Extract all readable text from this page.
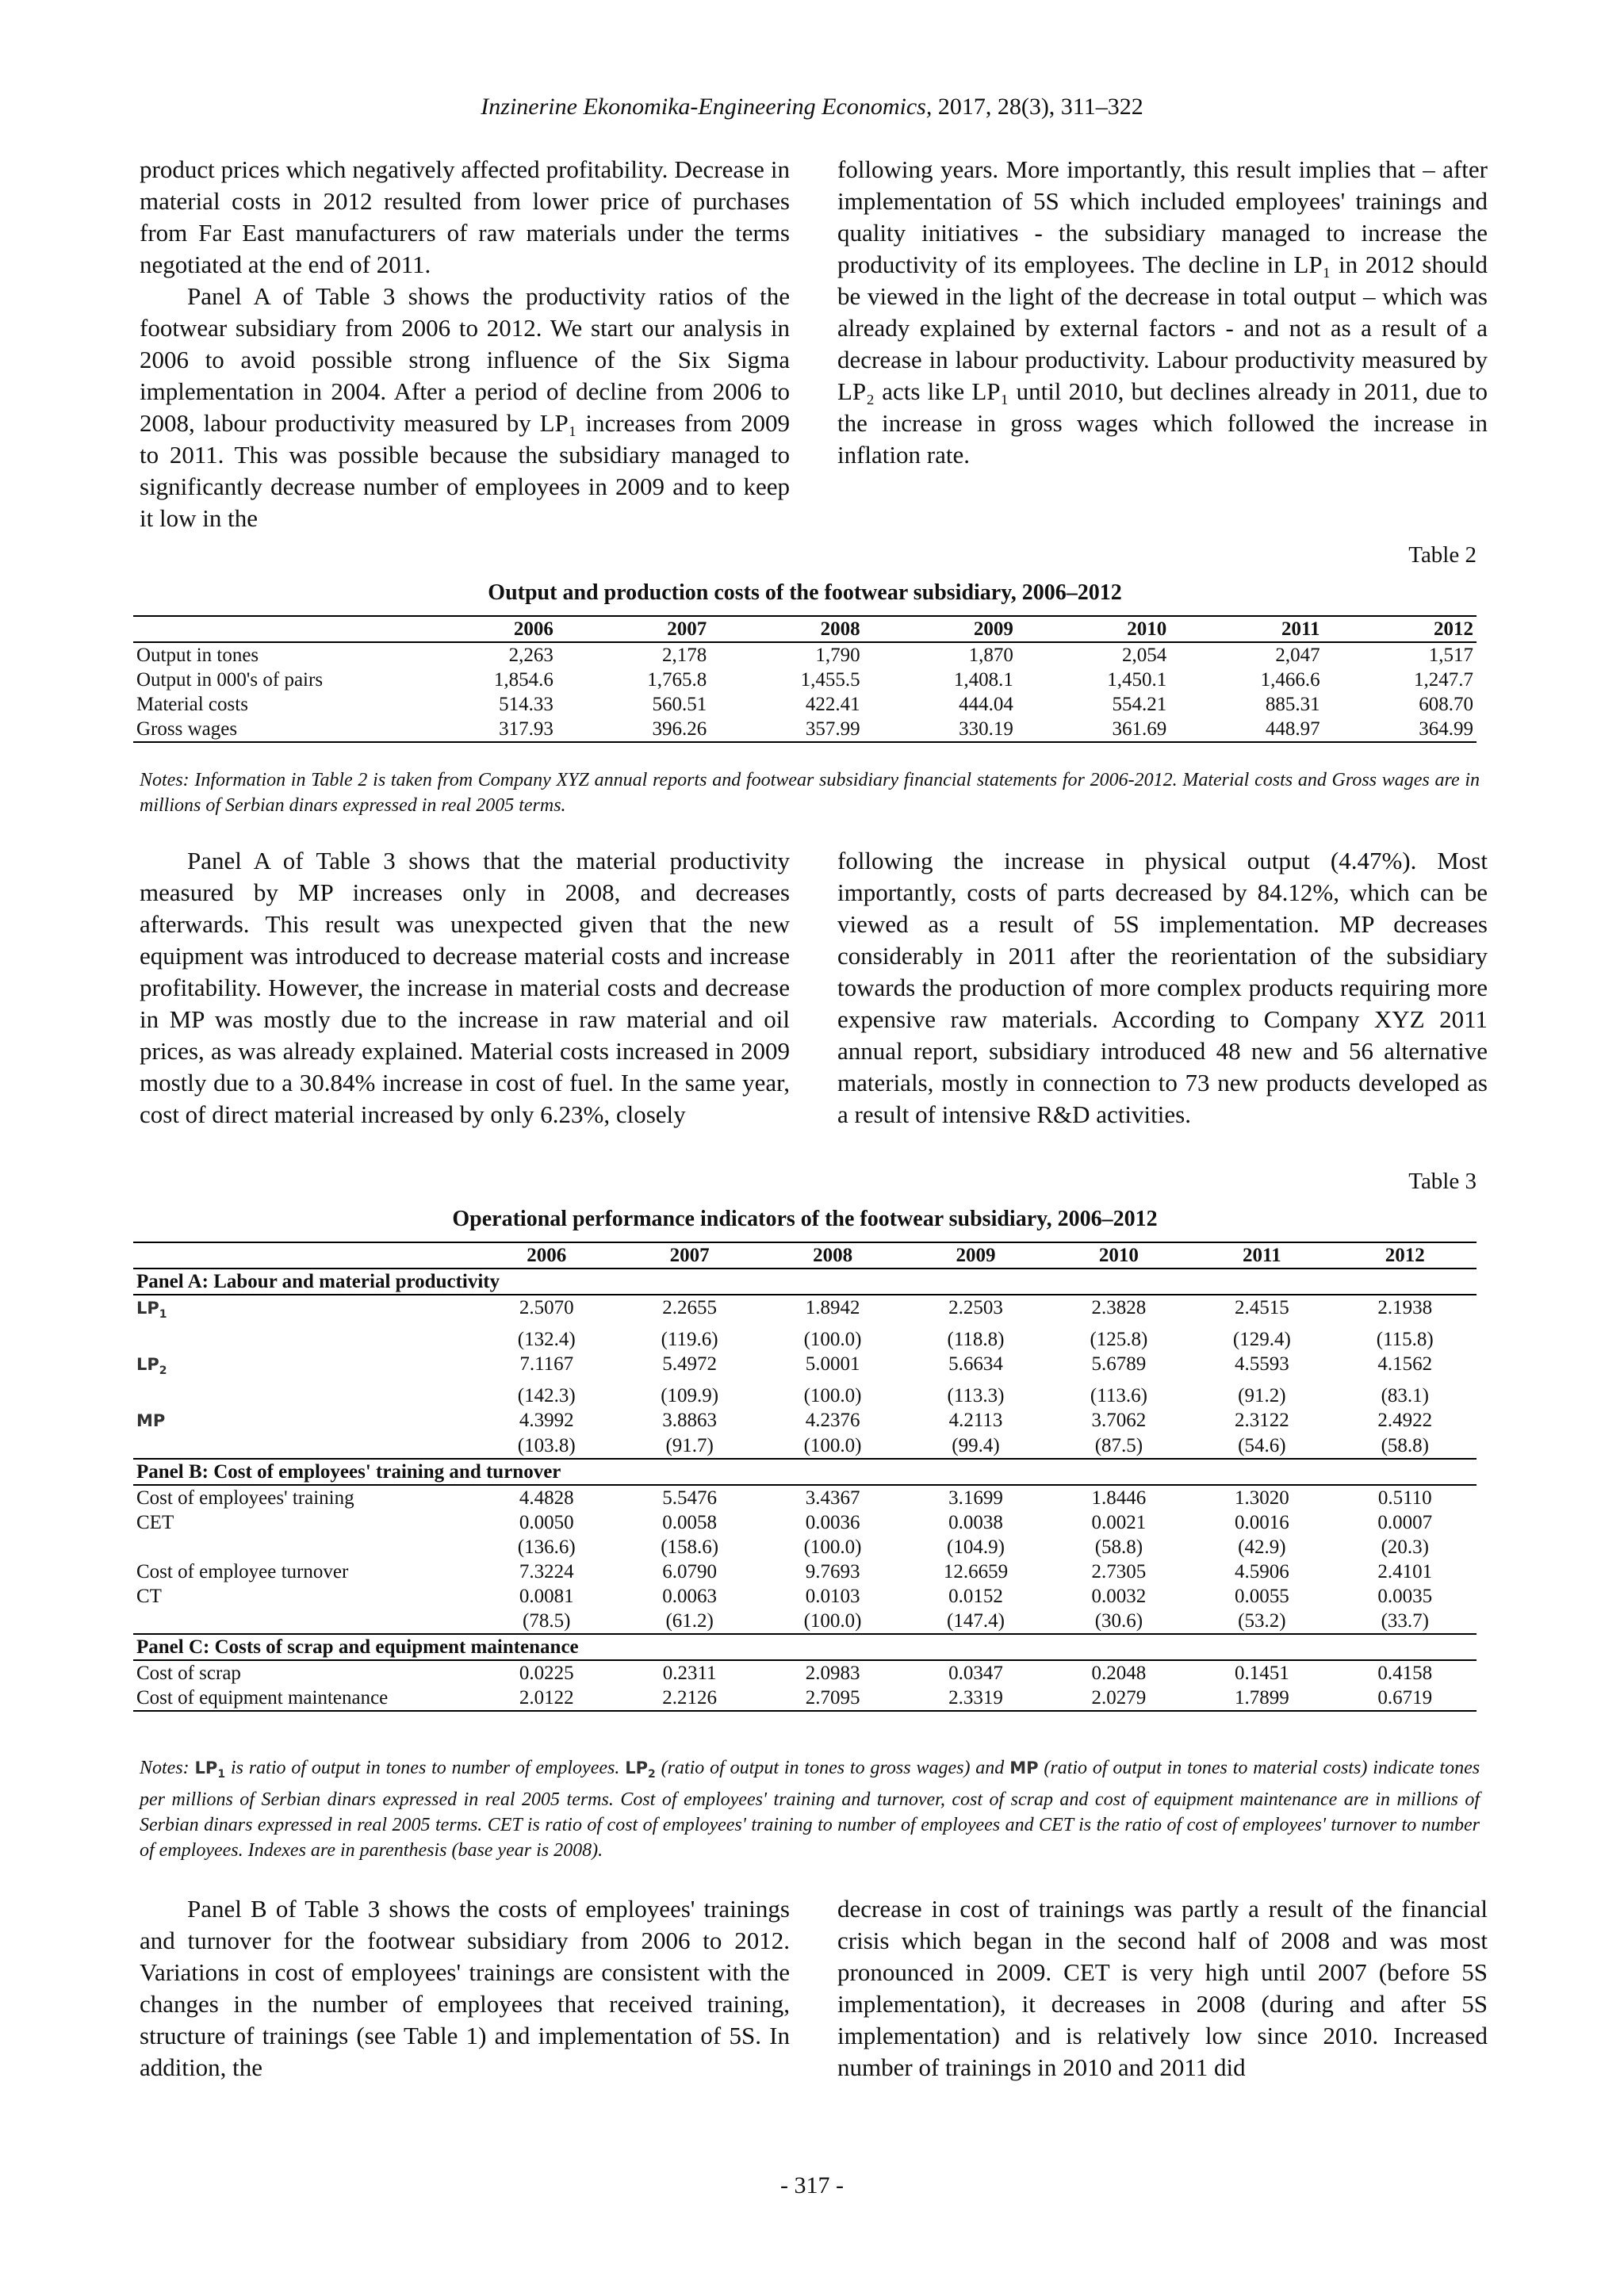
Inzinerine Ekonomika-Engineering Economics, 2017, 28(3), 311–322

product prices which negatively affected profitability. Decrease in material costs in 2012 resulted from lower price of purchases from Far East manufacturers of raw materials under the terms negotiated at the end of 2011.

Panel A of Table 3 shows the productivity ratios of the footwear subsidiary from 2006 to 2012. We start our analysis in 2006 to avoid possible strong influence of the Six Sigma implementation in 2004. After a period of decline from 2006 to 2008, labour productivity measured by LP₁ increases from 2009 to 2011. This was possible because the subsidiary managed to significantly decrease number of employees in 2009 and to keep it low in the

following years. More importantly, this result implies that – after implementation of 5S which included employees' trainings and quality initiatives - the subsidiary managed to increase the productivity of its employees. The decline in LP₁ in 2012 should be viewed in the light of the decrease in total output – which was already explained by external factors - and not as a result of a decrease in labour productivity. Labour productivity measured by LP₂ acts like LP₁ until 2010, but declines already in 2011, due to the increase in gross wages which followed the increase in inflation rate.

Table 2
Output and production costs of the footwear subsidiary, 2006–2012
	2006	2007	2008	2009	2010	2011	2012
Output in tones	2,263	2,178	1,790	1,870	2,054	2,047	1,517
Output in 000's of pairs	1,854.6	1,765.8	1,455.5	1,408.1	1,450.1	1,466.6	1,247.7
Material costs	514.33	560.51	422.41	444.04	554.21	885.31	608.70
Gross wages	317.93	396.26	357.99	330.19	361.69	448.97	364.99
Notes: Information in Table 2 is taken from Company XYZ annual reports and footwear subsidiary financial statements for 2006-2012. Material costs and Gross wages are in millions of Serbian dinars expressed in real 2005 terms.

Panel A of Table 3 shows that the material productivity measured by MP increases only in 2008, and decreases afterwards. This result was unexpected given that the new equipment was introduced to decrease material costs and increase profitability. However, the increase in material costs and decrease in MP was mostly due to the increase in raw material and oil prices, as was already explained. Material costs increased in 2009 mostly due to a 30.84% increase in cost of fuel. In the same year, cost of direct material increased by only 6.23%, closely

following the increase in physical output (4.47%). Most importantly, costs of parts decreased by 84.12%, which can be viewed as a result of 5S implementation. MP decreases considerably in 2011 after the reorientation of the subsidiary towards the production of more complex products requiring more expensive raw materials. According to Company XYZ 2011 annual report, subsidiary introduced 48 new and 56 alternative materials, mostly in connection to 73 new products developed as a result of intensive R&D activities.

Table 3
Operational performance indicators of the footwear subsidiary, 2006–2012
	2006	2007	2008	2009	2010	2011	2012
Panel A: Labour and material productivity							
$LP_1$	2.5070	2.2655	1.8942	2.2503	2.3828	2.4515	2.1938
	(132.4)	(119.6)	(100.0)	(118.8)	(125.8)	(129.4)	(115.8)
$LP_2$	7.1167	5.4972	5.0001	5.6634	5.6789	4.5593	4.1562
	(142.3)	(109.9)	(100.0)	(113.3)	(113.6)	(91.2)	(83.1)
MP	4.3992	3.8863	4.2376	4.2113	3.7062	2.3122	2.4922
	(103.8)	(91.7)	(100.0)	(99.4)	(87.5)	(54.6)	(58.8)
Panel B: Cost of employees' training and turnover							
Cost of employees' training	4.4828	5.5476	3.4367	3.1699	1.8446	1.3020	0.5110
CET	0.0050	0.0058	0.0036	0.0038	0.0021	0.0016	0.0007
	(136.6)	(158.6)	(100.0)	(104.9)	(58.8)	(42.9)	(20.3)
Cost of employee turnover	7.3224	6.0790	9.7693	12.6659	2.7305	4.5906	2.4101
CT	0.0081	0.0063	0.0103	0.0152	0.0032	0.0055	0.0035
	(78.5)	(61.2)	(100.0)	(147.4)	(30.6)	(53.2)	(33.7)
Panel C: Costs of scrap and equipment maintenance							
Cost of scrap	0.0225	0.2311	2.0983	0.0347	0.2048	0.1451	0.4158
Cost of equipment maintenance	2.0122	2.2126	2.7095	2.3319	2.0279	1.7899	0.6719
Notes: $LP_1$ is ratio of output in tones to number of employees. $LP_2$ (ratio of output in tones to gross wages) and MP (ratio of output in tones to material costs) indicate tones per millions of Serbian dinars expressed in real 2005 terms. Cost of employees' training and turnover, cost of scrap and cost of equipment maintenance are in millions of Serbian dinars expressed in real 2005 terms. CET is ratio of cost of employees' training to number of employees and CET is the ratio of cost of employees' turnover to number of employees. Indexes are in parenthesis (base year is 2008).

Panel B of Table 3 shows the costs of employees' trainings and turnover for the footwear subsidiary from 2006 to 2012. Variations in cost of employees' trainings are consistent with the changes in the number of employees that received training, structure of trainings (see Table 1) and implementation of 5S. In addition, the

decrease in cost of trainings was partly a result of the financial crisis which began in the second half of 2008 and was most pronounced in 2009. CET is very high until 2007 (before 5S implementation), it decreases in 2008 (during and after 5S implementation) and is relatively low since 2010. Increased number of trainings in 2010 and 2011 did

- 317 -
